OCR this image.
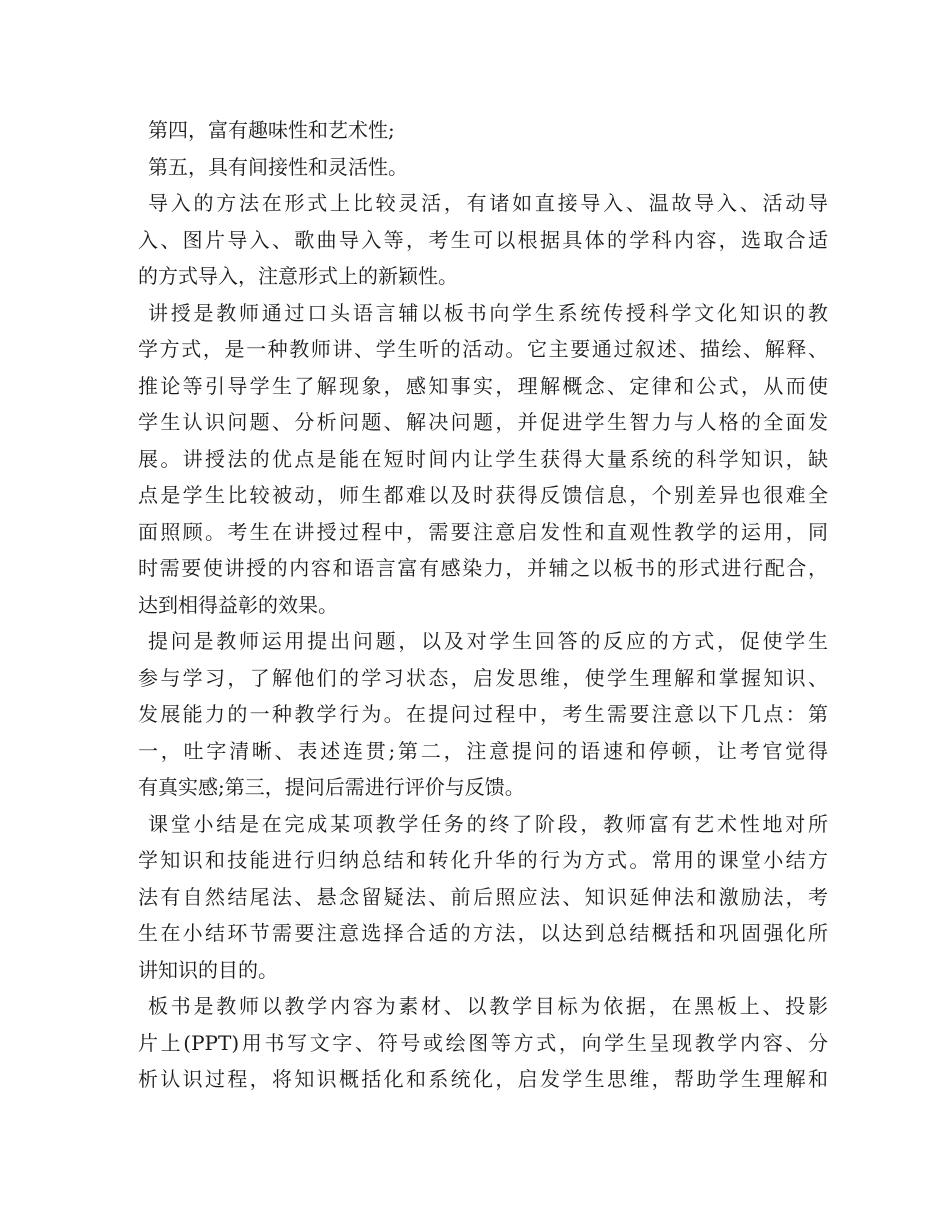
第四，富有趣味性和艺术性;
第五，具有间接性和灵活性。
导入的方法在形式上比较灵活，有诸如直接导入、温故导入、活动导
入、图片导入、歌曲导入等，考生可以根据具体的学科内容，选取合适
的方式导入，注意形式上的新颖性。
讲授是教师通过口头语言辅以板书向学生系统传授科学文化知识的教
学方式，是一种教师讲、学生听的活动。它主要通过叙述、描绘、解释、
推论等引导学生了解现象，感知事实，理解概念、定律和公式，从而使
学生认识问题、分析问题、解决问题，并促进学生智力与人格的全面发
展。讲授法的优点是能在短时间内让学生获得大量系统的科学知识，缺
点是学生比较被动，师生都难以及时获得反馈信息，个别差异也很难全
面照顾。考生在讲授过程中，需要注意启发性和直观性教学的运用，同
时需要使讲授的内容和语言富有感染力，并辅之以板书的形式进行配合，
达到相得益彰的效果。
提问是教师运用提出问题，以及对学生回答的反应的方式，促使学生
参与学习，了解他们的学习状态，启发思维，使学生理解和掌握知识、
发展能力的一种教学行为。在提问过程中，考生需要注意以下几点：第
一，吐字清晰、表述连贯;第二，注意提问的语速和停顿，让考官觉得
有真实感;第三，提问后需进行评价与反馈。
课堂小结是在完成某项教学任务的终了阶段，教师富有艺术性地对所
学知识和技能进行归纳总结和转化升华的行为方式。常用的课堂小结方
法有自然结尾法、悬念留疑法、前后照应法、知识延伸法和激励法，考
生在小结环节需要注意选择合适的方法，以达到总结概括和巩固强化所
讲知识的目的。
板书是教师以教学内容为素材、以教学目标为依据，在黑板上、投影
片上(PPT)用书写文字、符号或绘图等方式，向学生呈现教学内容、分
析认识过程，将知识概括化和系统化，启发学生思维，帮助学生理解和
